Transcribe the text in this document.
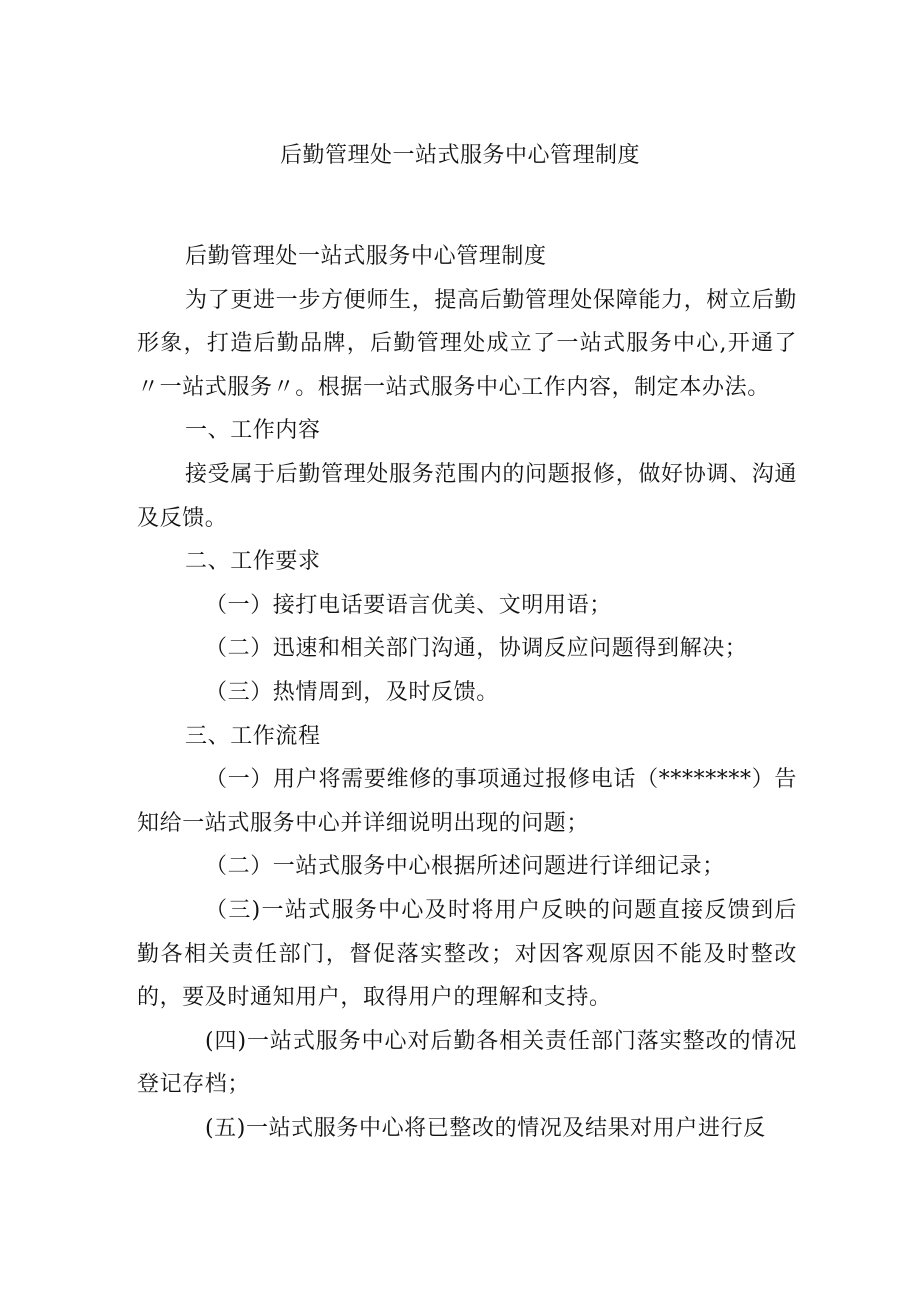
后勤管理处一站式服务中心管理制度

后勤管理处一站式服务中心管理制度

为了更进一步方便师生，提高后勤管理处保障能力，树立后勤形象，打造后勤品牌，后勤管理处成立了一站式服务中心,开通了〃一站式服务〃。根据一站式服务中心工作内容，制定本办法。

一、工作内容

接受属于后勤管理处服务范围内的问题报修，做好协调、沟通及反馈。

二、工作要求

（一）接打电话要语言优美、文明用语；

（二）迅速和相关部门沟通，协调反应问题得到解决；

（三）热情周到，及时反馈。

三、工作流程

（一）用户将需要维修的事项通过报修电话（********）告知给一站式服务中心并详细说明出现的问题；

（二）一站式服务中心根据所述问题进行详细记录；

（三)一站式服务中心及时将用户反映的问题直接反馈到后勤各相关责任部门，督促落实整改；对因客观原因不能及时整改的，要及时通知用户，取得用户的理解和支持。

(四)一站式服务中心对后勤各相关责任部门落实整改的情况登记存档；

(五)一站式服务中心将已整改的情况及结果对用户进行反
